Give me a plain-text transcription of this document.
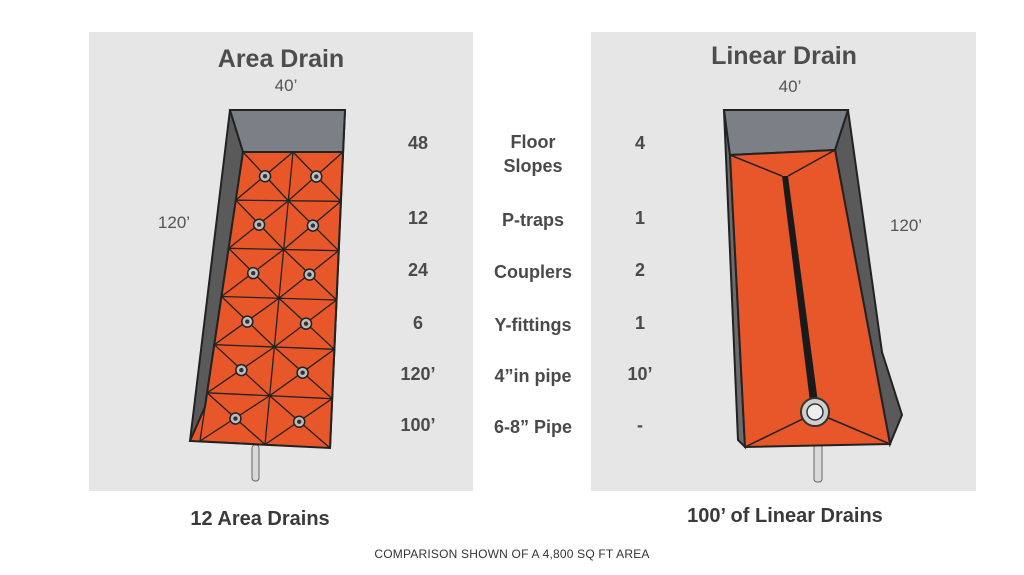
Area Drain	Linear Drain
40’
120’
40’
120’
Floor
Slopes
48	4
P-traps
12	1
Couplers
24	2
Y-fittings
6	1
4”in pipe
120’	10’
6-8” Pipe
100’	-
12 Area Drains	100’ of Linear Drains
COMPARISON SHOWN OF A 4,800 SQ FT AREA
